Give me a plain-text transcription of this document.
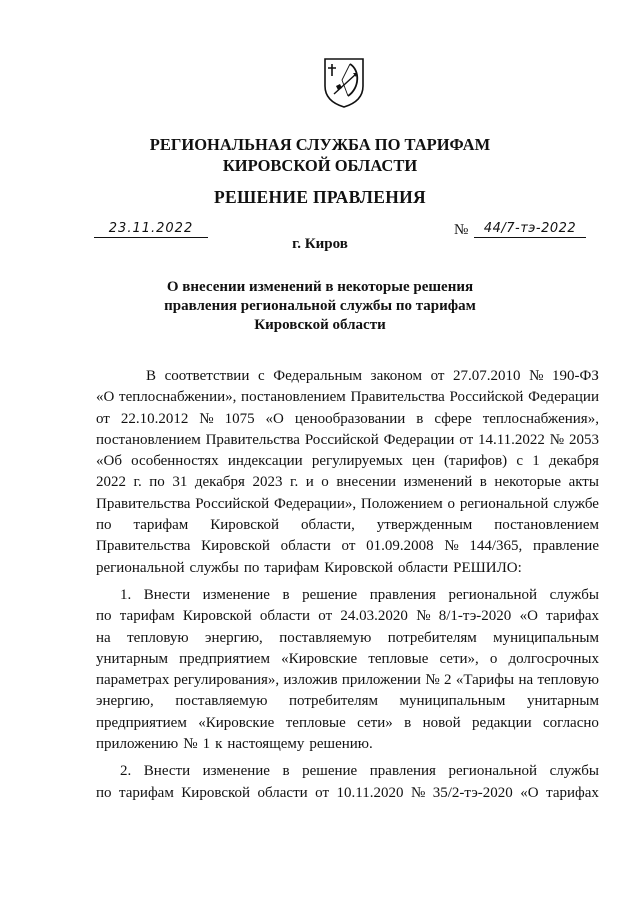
РЕГИОНАЛЬНАЯ СЛУЖБА ПО ТАРИФАМ
КИРОВСКОЙ ОБЛАСТИ
РЕШЕНИЕ ПРАВЛЕНИЯ
23.11.2022	№	44/7-тэ-2022
г. Киров
О внесении изменений в некоторые решения
правления региональной службы по тарифам
Кировской области
В соответствии с Федеральным законом от 27.07.2010 № 190-ФЗ
«О теплоснабжении», постановлением Правительства Российской Федерации
от 22.10.2012 № 1075 «О ценообразовании в сфере теплоснабжения»,
постановлением Правительства Российской Федерации от 14.11.2022 № 2053
«Об особенностях индексации регулируемых цен (тарифов) с 1 декабря
2022 г. по 31 декабря 2023 г. и о внесении изменений в некоторые акты
Правительства Российской Федерации», Положением о региональной службе
по тарифам Кировской области, утвержденным постановлением
Правительства Кировской области от 01.09.2008 № 144/365, правление
региональной службы по тарифам Кировской области РЕШИЛО:
1. Внести изменение в решение правления региональной службы
по тарифам Кировской области от 24.03.2020 № 8/1-тэ-2020 «О тарифах
на тепловую энергию, поставляемую потребителям муниципальным
унитарным предприятием «Кировские тепловые сети», о долгосрочных
параметрах регулирования», изложив приложении № 2 «Тарифы на тепловую
энергию, поставляемую потребителям муниципальным унитарным
предприятием «Кировские тепловые сети» в новой редакции согласно
приложению № 1 к настоящему решению.
2. Внести изменение в решение правления региональной службы
по тарифам Кировской области от 10.11.2020 № 35/2-тэ-2020 «О тарифах
